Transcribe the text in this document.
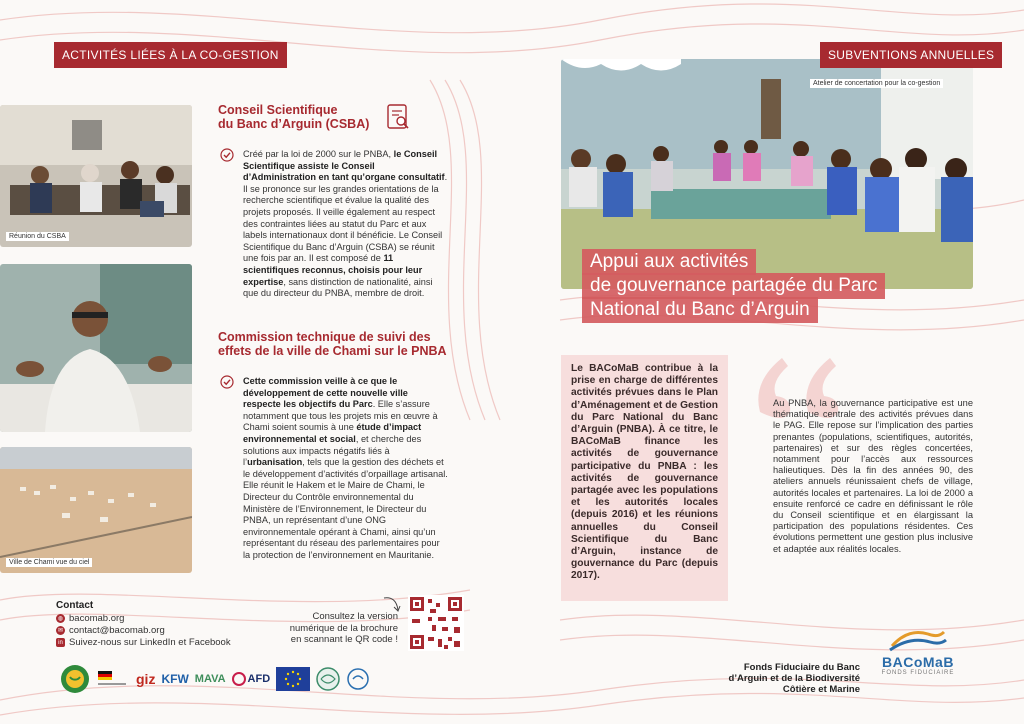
ACTIVITÉS LIÉES À LA CO-GESTION
Réunion du CSBA
Ville de Chami vue du ciel
Conseil Scientifique
du Banc d’Arguin (CSBA)
Créé par la loi de 2000 sur le PNBA, le Conseil Scientifique assiste le Conseil d’Administration en tant qu’organe consultatif. Il se prononce sur les grandes orientations de la recherche scientifique et évalue la qualité des projets proposés. Il veille également au respect des contraintes liées au statut du Parc et aux labels internationaux dont il bénéficie. Le Conseil Scientifique du Banc d’Arguin (CSBA) se réunit une fois par an. Il est composé de 11 scientifiques reconnus, choisis pour leur expertise, sans distinction de nationalité, ainsi que du directeur du PNBA, membre de droit.
Commission technique de suivi des
effets de la ville de Chami sur le PNBA
Cette commission veille à ce que le développement de cette nouvelle ville respecte les objectifs du Parc. Elle s’assure notamment que tous les projets mis en œuvre à Chami soient soumis à une étude d’impact environnemental et social, et cherche des solutions aux impacts négatifs liés à l’urbanisation, tels que la gestion des déchets et le développement d’activités d’orpaillage artisanal. Elle réunit le Hakem et le Maire de Chami, le Directeur du Contrôle environnemental du Ministère de l’Environnement, le Directeur du PNBA, un représentant d’une ONG environnementale opérant à Chami, ainsi qu’un représentant du réseau des parlementaires pour la protection de l’environnement en Mauritanie.
Contact
◍ bacomab.org
✉ contact@bacomab.org
in Suivez-nous sur LinkedIn et Facebook
Consultez la version numérique de la brochure en scannant le QR code !
giz KFW MAVA AFD
SUBVENTIONS ANNUELLES
Atelier de concertation pour la co-gestion
Appui aux activités
de gouvernance partagée du Parc
National du Banc d’Arguin
Le BACoMaB contribue à la prise en charge de différentes activités prévues dans le Plan d’Aménagement et de Gestion du Parc National du Banc d’Arguin (PNBA). À ce titre, le BACoMaB finance les activités de gouvernance participative du PNBA : les activités de gouvernance partagée avec les populations et les autorités locales (depuis 2016) et les réunions annuelles du Conseil Scientifique du Banc d’Arguin, instance de gouvernance du Parc (depuis 2017).
Au PNBA, la gouvernance participative est une thématique centrale des activités prévues dans le PAG. Elle repose sur l’implication des parties prenantes (populations, scientifiques, autorités, partenaires) et sur des règles concertées, notamment pour l’accès aux ressources halieutiques. Dès la fin des années 90, des ateliers annuels réunissaient chefs de village, autorités locales et partenaires. La loi de 2000 a ensuite renforcé ce cadre en définissant le rôle du Conseil scientifique et en élargissant la participation des populations résidentes. Ces évolutions permettent une gestion plus inclusive et adaptée aux réalités locales.
Fonds Fiduciaire du Banc
d’Arguin et de la Biodiversité
Côtière et Marine
BACoMaB
FONDS FIDUCIAIRE
